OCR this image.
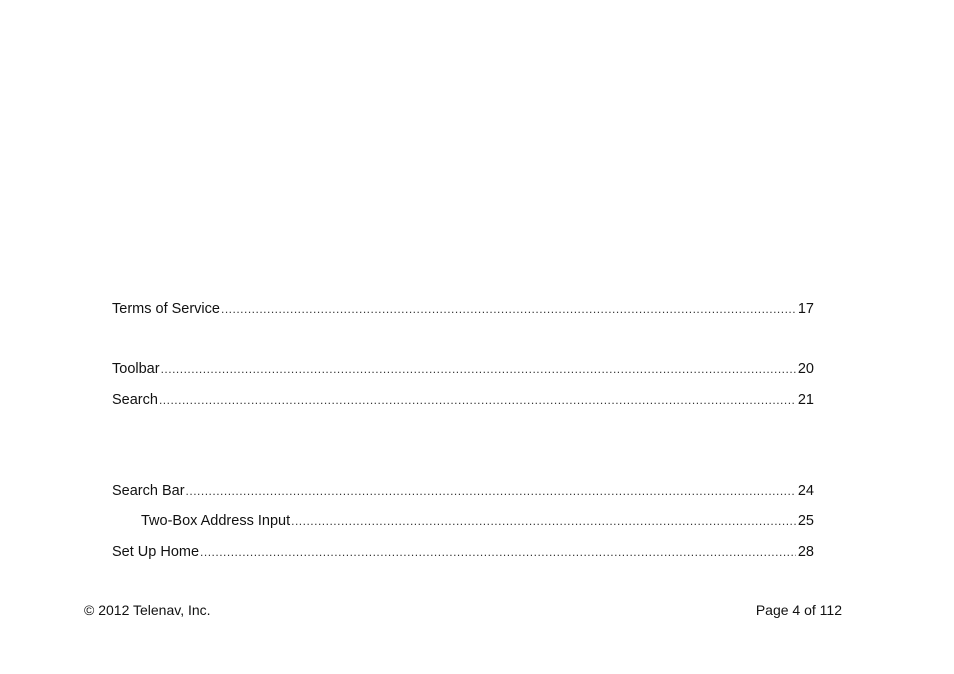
Terms of Service .....	17
Toolbar .....	20
Search .....	21
Search Bar .....	24
Two-Box Address Input .....	25
Set Up Home .....	28
© 2012 Telenav, Inc.	Page 4 of 112
